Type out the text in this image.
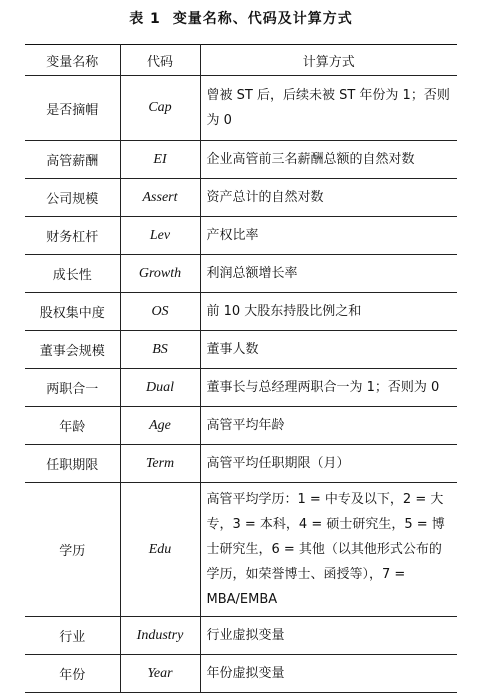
表 1 变量名称、代码及计算方式
变量名称	代码	计算方式
是否摘帽	Cap	曾被 ST 后，后续未被 ST 年份为 1；否则为 0
高管薪酬	EI	企业高管前三名薪酬总额的自然对数
公司规模	Assert	资产总计的自然对数
财务杠杆	Lev	产权比率
成长性	Growth	利润总额增长率
股权集中度	OS	前 10 大股东持股比例之和
董事会规模	BS	董事人数
两职合一	Dual	董事长与总经理两职合一为 1；否则为 0
年龄	Age	高管平均年龄
任职期限	Term	高管平均任职期限（月）
学历	Edu	高管平均学历：1 = 中专及以下，2 = 大专，3 = 本科，4 = 硕士研究生，5 = 博士研究生，6 = 其他（以其他形式公布的学历，如荣誉博士、函授等），7 = MBA/EMBA
行业	Industry	行业虚拟变量
年份	Year	年份虚拟变量
